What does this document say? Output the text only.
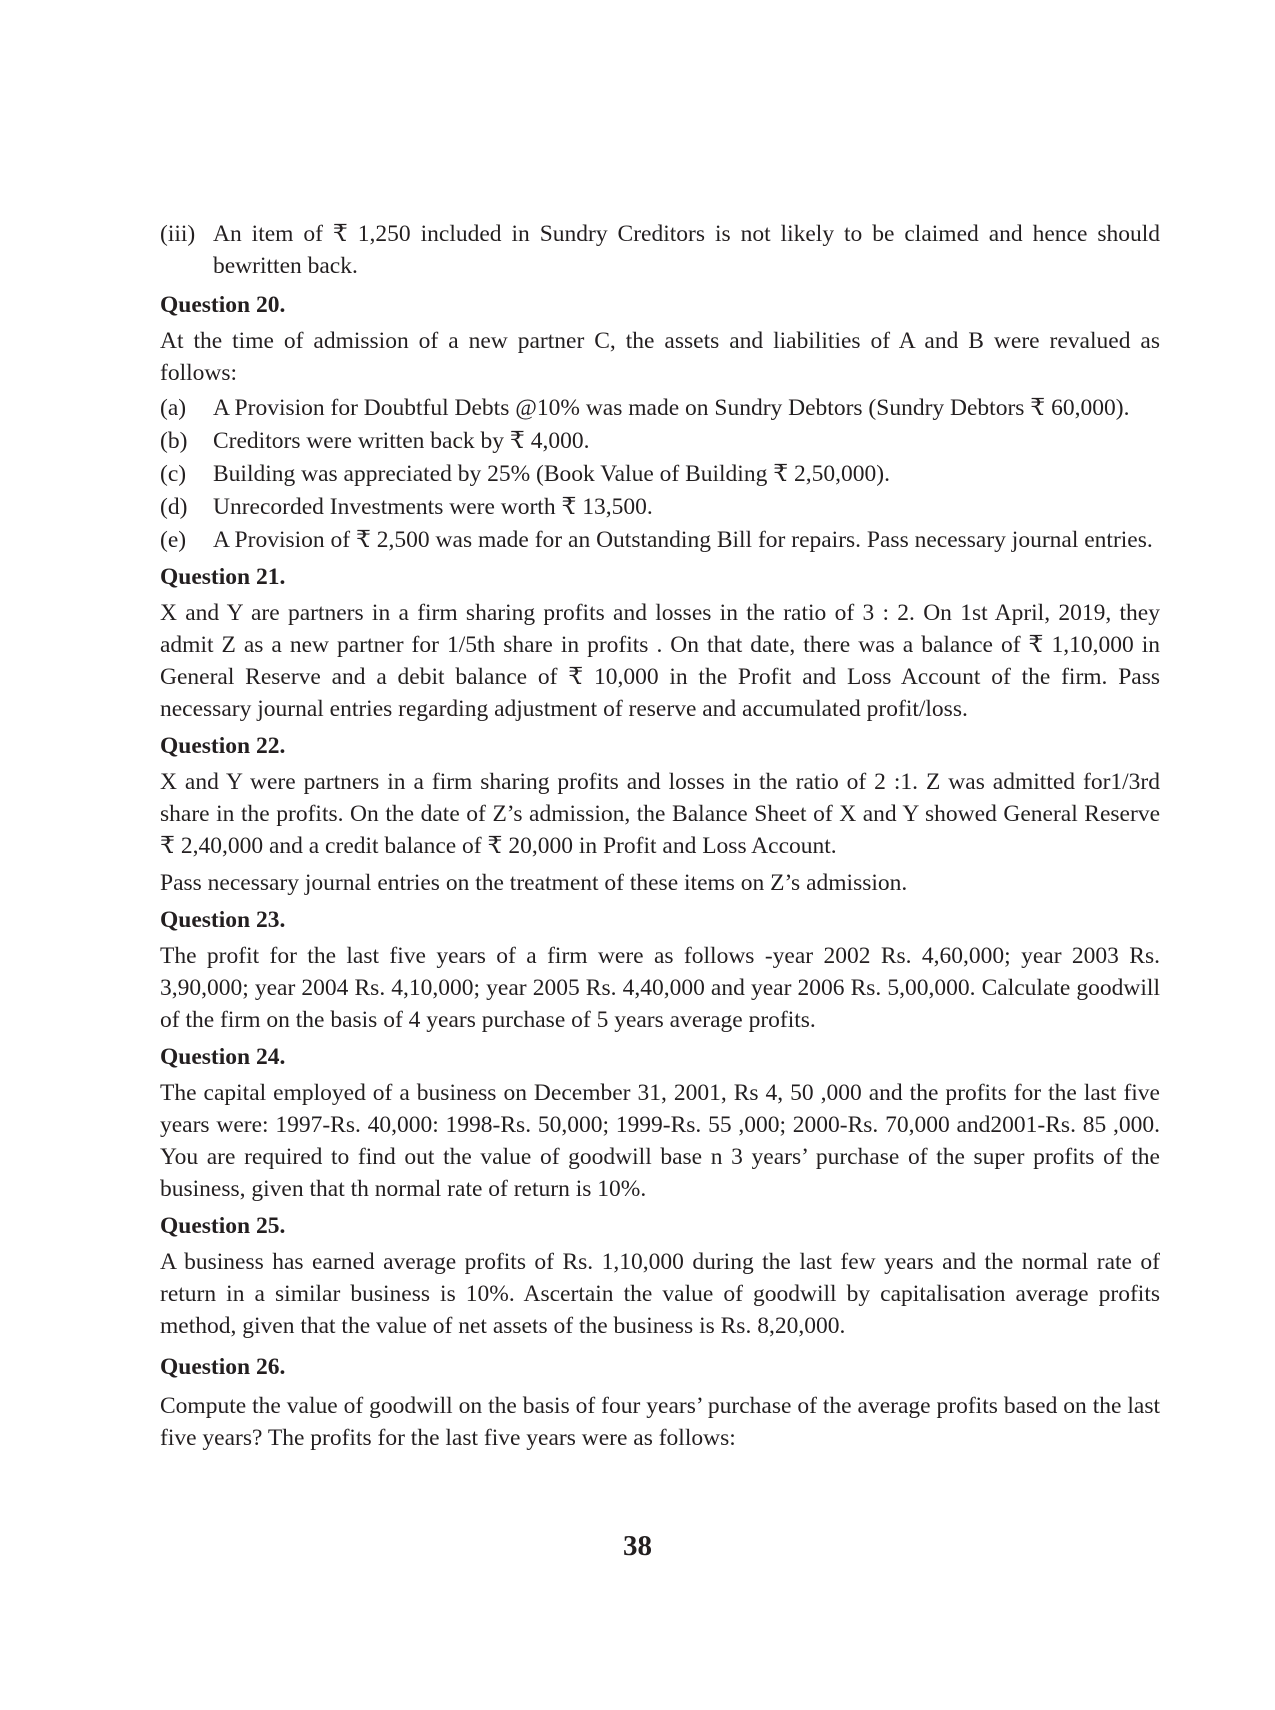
(iii) An item of ₹ 1,250 included in Sundry Creditors is not likely to be claimed and hence should bewritten back.
Question 20.
At the time of admission of a new partner C, the assets and liabilities of A and B were revalued as follows:
(a)	A Provision for Doubtful Debts @10% was made on Sundry Debtors (Sundry Debtors ₹ 60,000).
(b)	Creditors were written back by ₹ 4,000.
(c)	Building was appreciated by 25% (Book Value of Building ₹ 2,50,000).
(d)	Unrecorded Investments were worth ₹ 13,500.
(e)	A Provision of ₹ 2,500 was made for an Outstanding Bill for repairs. Pass necessary journal entries.
Question 21.
X and Y are partners in a firm sharing profits and losses in the ratio of 3 : 2. On 1st April, 2019, they admit Z as a new partner for 1/5th share in profits . On that date, there was a balance of ₹ 1,10,000 in General Reserve and a debit balance of ₹ 10,000 in the Profit and Loss Account of the firm. Pass necessary journal entries regarding adjustment of reserve and accumulated profit/loss.
Question 22.
X and Y were partners in a firm sharing profits and losses in the ratio of 2 :1. Z was admitted for1/3rd share in the profits. On the date of Z’s admission, the Balance Sheet of X and Y showed General Reserve ₹ 2,40,000 and a credit balance of ₹ 20,000 in Profit and Loss Account.
Pass necessary journal entries on the treatment of these items on Z’s admission.
Question 23.
The profit for the last five years of a firm were as follows -year 2002 Rs. 4,60,000; year 2003 Rs. 3,90,000; year 2004 Rs. 4,10,000; year 2005 Rs. 4,40,000 and year 2006 Rs. 5,00,000. Calculate goodwill of the firm on the basis of 4 years purchase of 5 years average profits.
Question 24.
The capital employed of a business on December 31, 2001, Rs 4, 50 ,000 and the profits for the last five years were: 1997-Rs. 40,000: 1998-Rs. 50,000; 1999-Rs. 55 ,000; 2000-Rs. 70,000 and2001-Rs. 85 ,000. You are required to find out the value of goodwill base n 3 years’ purchase of the super profits of the business, given that th normal rate of return is 10%.
Question 25.
A business has earned average profits of Rs. 1,10,000 during the last few years and the normal rate of return in a similar business is 10%. Ascertain the value of goodwill by capitalisation average profits method, given that the value of net assets of the business is Rs. 8,20,000.
Question 26.
Compute the value of goodwill on the basis of four years’ purchase of the average profits based on the last five years? The profits for the last five years were as follows:
38
